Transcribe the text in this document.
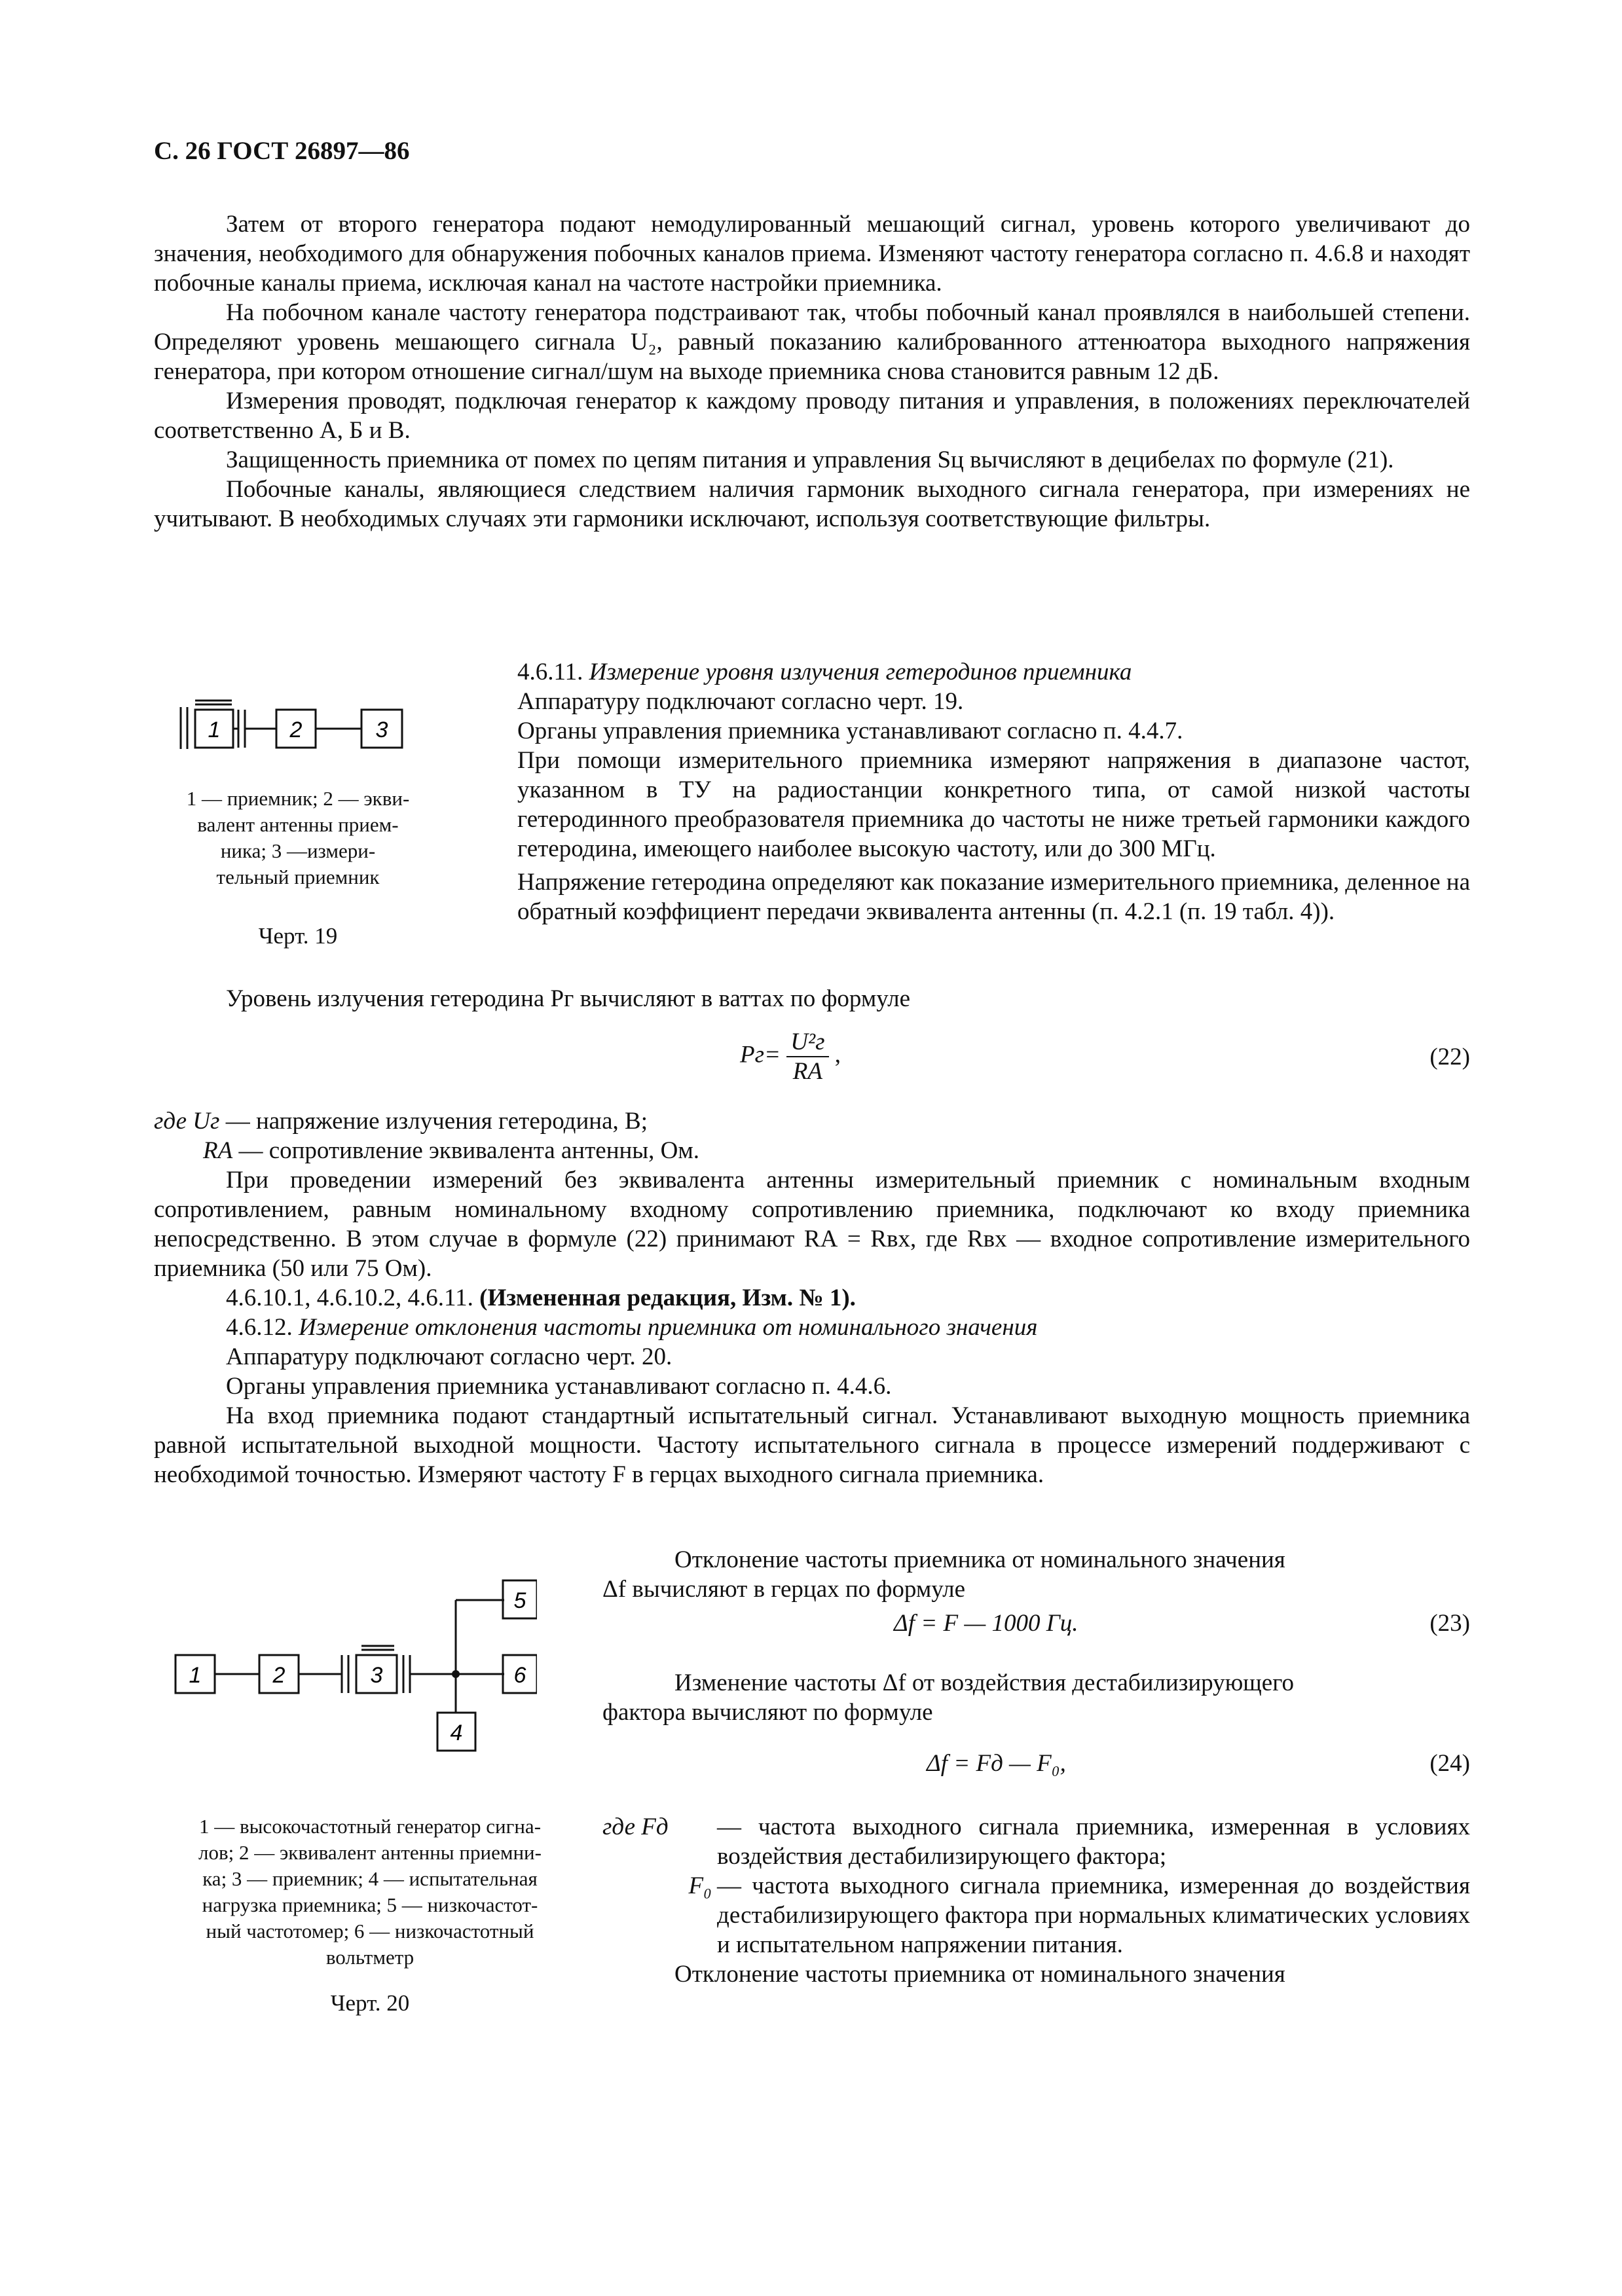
С. 26 ГОСТ 26897—86

Затем от второго генератора подают немодулированный мешающий сигнал, уровень которого увеличивают до значения, необходимого для обнаружения побочных каналов приема. Изменяют частоту генератора согласно п. 4.6.8 и находят побочные каналы приема, исключая канал на частоте настройки приемника.

На побочном канале частоту генератора подстраивают так, чтобы побочный канал проявлялся в наибольшей степени. Определяют уровень мешающего сигнала U₂, равный показанию калиброванного аттенюатора выходного напряжения генератора, при котором отношение сигнал/шум на выходе приемника снова становится равным 12 дБ.

Измерения проводят, подключая генератор к каждому проводу питания и управления, в положениях переключателей соответственно А, Б и В.

Защищенность приемника от помех по цепям питания и управления Sц вычисляют в децибелах по формуле (21).

Побочные каналы, являющиеся следствием наличия гармоник выходного сигнала генератора, при измерениях не учитывают. В необходимых случаях эти гармоники исключают, используя соответствующие фильтры.

1	2	3
1 — приемник; 2 — экви-
валент антенны прием-
ника; 3 —измери-
тельный приемник
Черт. 19

4.6.11. Измерение уровня излучения гетеродинов приемника

Аппаратуру подключают согласно черт. 19.

Органы управления приемника устанавливают согласно п. 4.4.7.

При помощи измерительного приемника измеряют напряжения в диапазоне частот, указанном в ТУ на радиостанции конкретного типа, от самой низкой частоты гетеродинного преобразователя приемника до частоты не ниже третьей гармоники каждого гетеродина, имеющего наиболее высокую частоту, или до 300 МГц.

Напряжение гетеродина определяют как показание измерительного приемника, деленное на обратный коэффициент передачи эквивалента антенны (п. 4.2.1 (п. 19 табл. 4)).

Уровень излучения гетеродина Pг вычисляют в ваттах по формуле

$Pг= \frac{\text{U²г}}{RА}$ ,	(22)
где Uг — напряжение излучения гетеродина, В;
RА — сопротивление эквивалента антенны, Ом.

При проведении измерений без эквивалента антенны измерительный приемник с номинальным входным сопротивлением, равным номинальному входному сопротивлению приемника, подключают ко входу приемника непосредственно. В этом случае в формуле (22) принимают RА = Rвх, где Rвх — входное сопротивление измерительного приемника (50 или 75 Ом).

4.6.10.1, 4.6.10.2, 4.6.11. (Измененная редакция, Изм. № 1).

4.6.12. Измерение отклонения частоты приемника от номинального значения

Аппаратуру подключают согласно черт. 20.

Органы управления приемника устанавливают согласно п. 4.4.6.

На вход приемника подают стандартный испытательный сигнал. Устанавливают выходную мощность приемника равной испытательной выходной мощности. Частоту испытательного сигнала в процессе измерений поддерживают с необходимой точностью. Измеряют частоту F в герцах выходного сигнала приемника.

1	2	3
4
5
6
1 — высокочастотный генератор сигна-
лов; 2 — эквивалент антенны приемни-
ка; 3 — приемник; 4 — испытательная
нагрузка приемника; 5 — низкочастот-
ный частотомер; 6 — низкочастотный
вольтметр
Черт. 20

Отклонение частоты приемника от номинального значения

Δf вычисляют в герцах по формуле

Δf = F — 1000 Гц.	(23)

Изменение частоты Δf от воздействия дестабилизирующего

фактора вычисляют по формуле

Δf = Fд — F₀,	(24)
где Fд	— частота выходного сигнала приемника, измеренная в условиях воздействия дестабилизирующего фактора;
F₀ — частота выходного сигнала приемника, измеренная до воздействия дестабилизирующего фактора при нормальных климатических условиях и испытательном напряжении питания.

Отклонение частоты приемника от номинального значения
